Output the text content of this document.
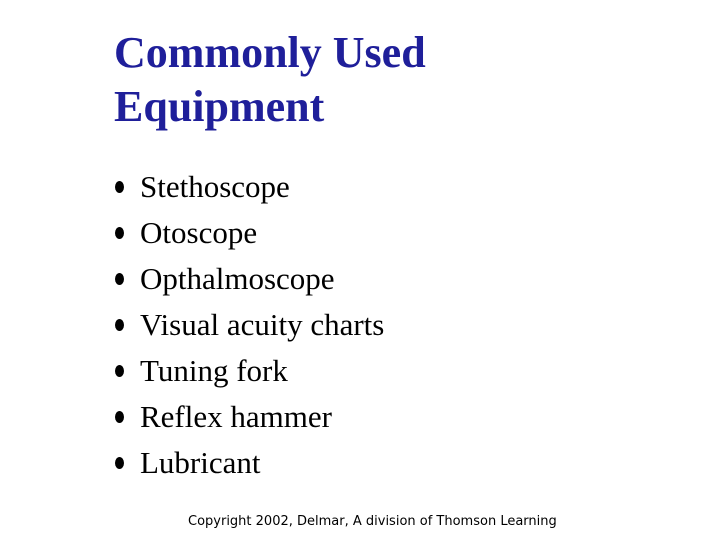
Commonly Used
Equipment
Stethoscope
Otoscope
Opthalmoscope
Visual acuity charts
Tuning fork
Reflex hammer
Lubricant
Copyright 2002, Delmar, A division of Thomson Learning
